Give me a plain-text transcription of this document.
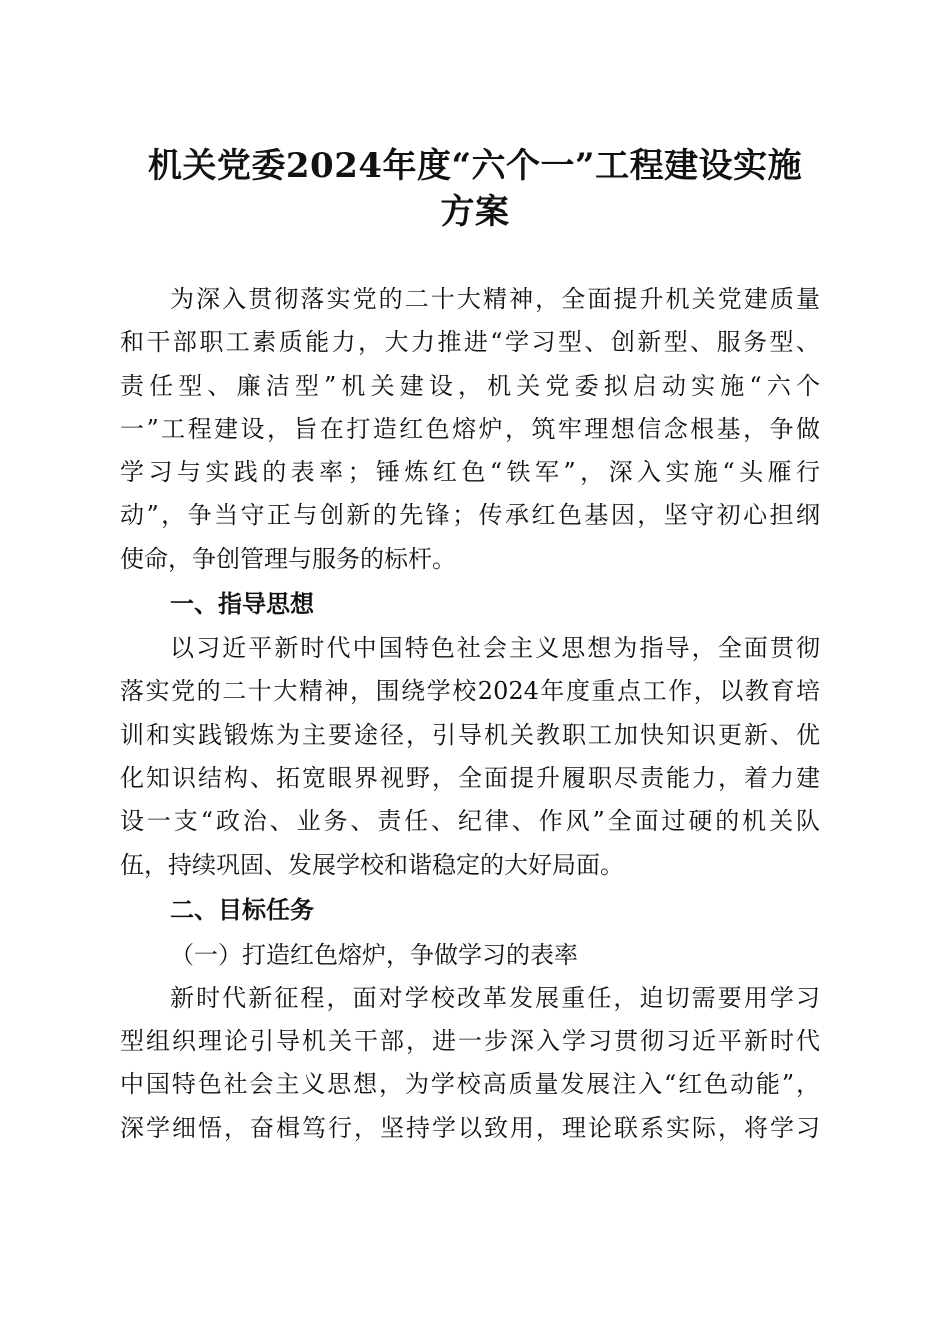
机关党委2024年度“六个一”工程建设实施
方案
为深入贯彻落实党的二十大精神，全面提升机关党建质量
和干部职工素质能力，大力推进“学习型、创新型、服务型、
责任型、廉洁型”机关建设，机关党委拟启动实施“六个
一”工程建设，旨在打造红色熔炉，筑牢理想信念根基，争做
学习与实践的表率；锤炼红色“铁军”，深入实施“头雁行
动”，争当守正与创新的先锋；传承红色基因，坚守初心担纲
使命，争创管理与服务的标杆。
一、指导思想
以习近平新时代中国特色社会主义思想为指导，全面贯彻
落实党的二十大精神，围绕学校2024年度重点工作，以教育培
训和实践锻炼为主要途径，引导机关教职工加快知识更新、优
化知识结构、拓宽眼界视野，全面提升履职尽责能力，着力建
设一支“政治、业务、责任、纪律、作风”全面过硬的机关队
伍，持续巩固、发展学校和谐稳定的大好局面。
二、目标任务
（一）打造红色熔炉，争做学习的表率
新时代新征程，面对学校改革发展重任，迫切需要用学习
型组织理论引导机关干部，进一步深入学习贯彻习近平新时代
中国特色社会主义思想，为学校高质量发展注入“红色动能”，
深学细悟，奋楫笃行，坚持学以致用，理论联系实际，将学习
